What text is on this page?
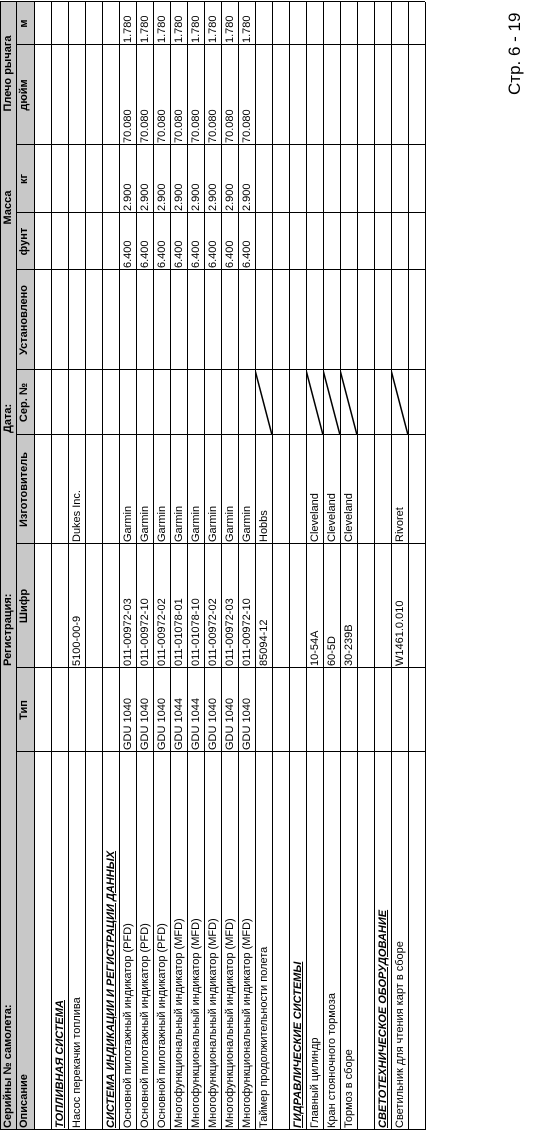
Серийны № самолета:
Регистрация:
Дата:
Масса
Плечо рычага
Описание
Тип
Шифр
Изготовитель
Сер. №
Установлено
фунт
кг
дюйм
м
ТОПЛИВНАЯ СИСТЕМА Насос перекачки топлива
5100-00-9
Dukes Inc.
СИСТЕМА ИНДИКАЦИИ И РЕГИСТРАЦИИ ДАННЫХ Основной пилотажный индикатор (PFD)
GDU 1040
011-00972-03
Garmin
6.400
2.900
70.080
1.780
Основной пилотажный индикатор (PFD)
GDU 1040
011-00972-10
Garmin
6.400
2.900
70.080
1.780
Основной пилотажный индикатор (PFD)
GDU 1040
011-00972-02
Garmin
6.400
2.900
70.080
1.780
Многофункциональный индикатор (MFD)
GDU 1044
011-01078-01
Garmin
6.400
2.900
70.080
1.780
Многофункциональный индикатор (MFD)
GDU 1044
011-01078-10
Garmin
6.400
2.900
70.080
1.780
Многофункциональный индикатор (MFD)
GDU 1040
011-00972-02
Garmin
6.400
2.900
70.080
1.780
Многофункциональный индикатор (MFD)
GDU 1040
011-00972-03
Garmin
6.400
2.900
70.080
1.780
Многофункциональный индикатор (MFD)
GDU 1040
011-00972-10
Garmin
6.400
2.900
70.080
1.780
Таймер продолжительности полета
85094-12
Hobbs
ГИДРАВЛИЧЕСКИЕ СИСТЕМЫ Главный цилиндр
10-54A
Cleveland
Кран стояночного тормоза
60-5D
Cleveland
Тормоз в сборе
30-239B
Cleveland
СВЕТОТЕХНИЧЕСКОЕ ОБОРУДОВАНИЕ Светильник для чтения карт в сборе
W1461.0.010
Rivoret
Стр. 6 - 19
